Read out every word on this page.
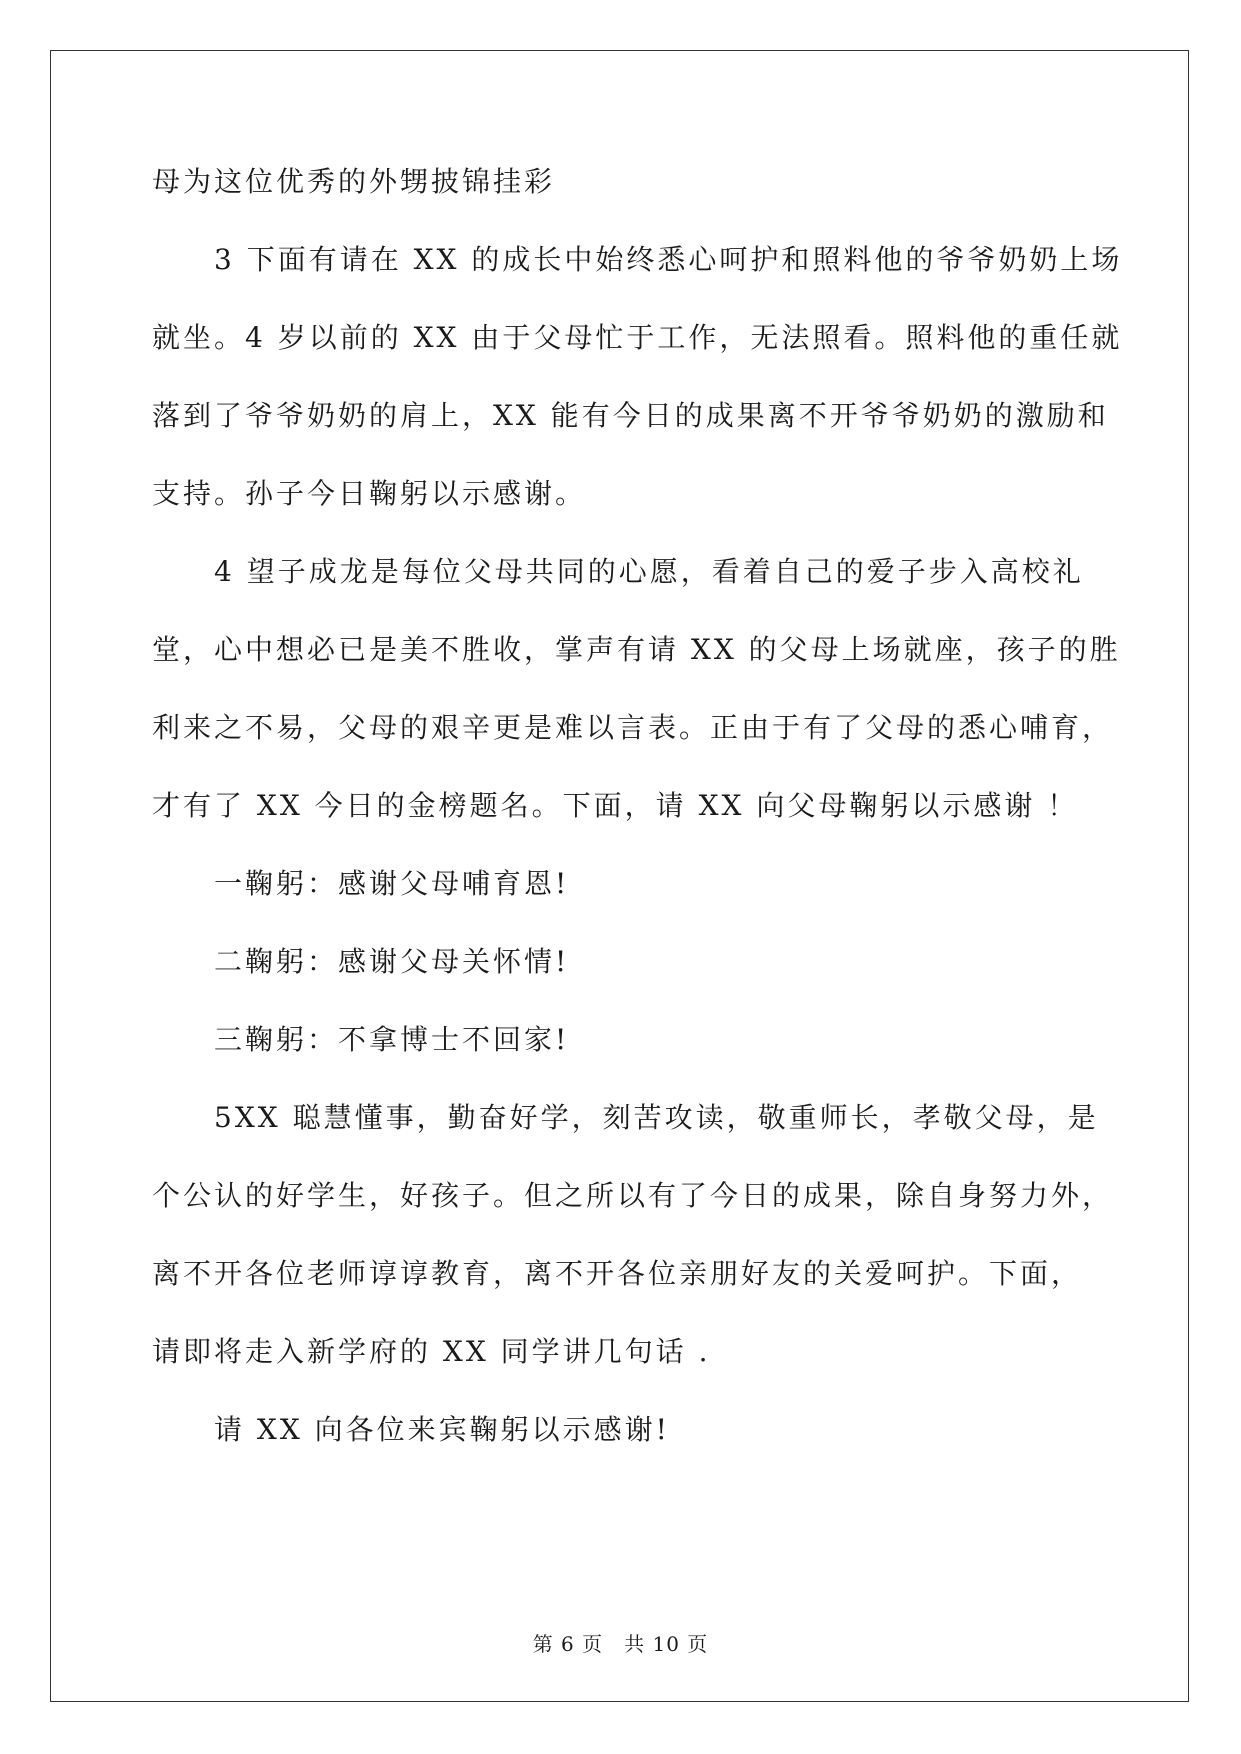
母为这位优秀的外甥披锦挂彩
3 下面有请在 XX 的成长中始终悉心呵护和照料他的爷爷奶奶上场
就坐。4 岁以前的 XX 由于父母忙于工作，无法照看。照料他的重任就
落到了爷爷奶奶的肩上，XX 能有今日的成果离不开爷爷奶奶的激励和
支持。孙子今日鞠躬以示感谢。
4 望子成龙是每位父母共同的心愿，看着自己的爱子步入高校礼
堂，心中想必已是美不胜收，掌声有请 XX 的父母上场就座，孩子的胜
利来之不易，父母的艰辛更是难以言表。正由于有了父母的悉心哺育，
才有了 XX 今日的金榜题名。下面，请 XX 向父母鞠躬以示感谢 ！
一鞠躬：感谢父母哺育恩!
二鞠躬：感谢父母关怀情!
三鞠躬：不拿博士不回家!
5XX 聪慧懂事，勤奋好学，刻苦攻读，敬重师长，孝敬父母，是
个公认的好学生，好孩子。但之所以有了今日的成果，除自身努力外，
离不开各位老师谆谆教育，离不开各位亲朋好友的关爱呵护。下面，
请即将走入新学府的 XX 同学讲几句话 .
请 XX 向各位来宾鞠躬以示感谢!
第 6 页　共 10 页
